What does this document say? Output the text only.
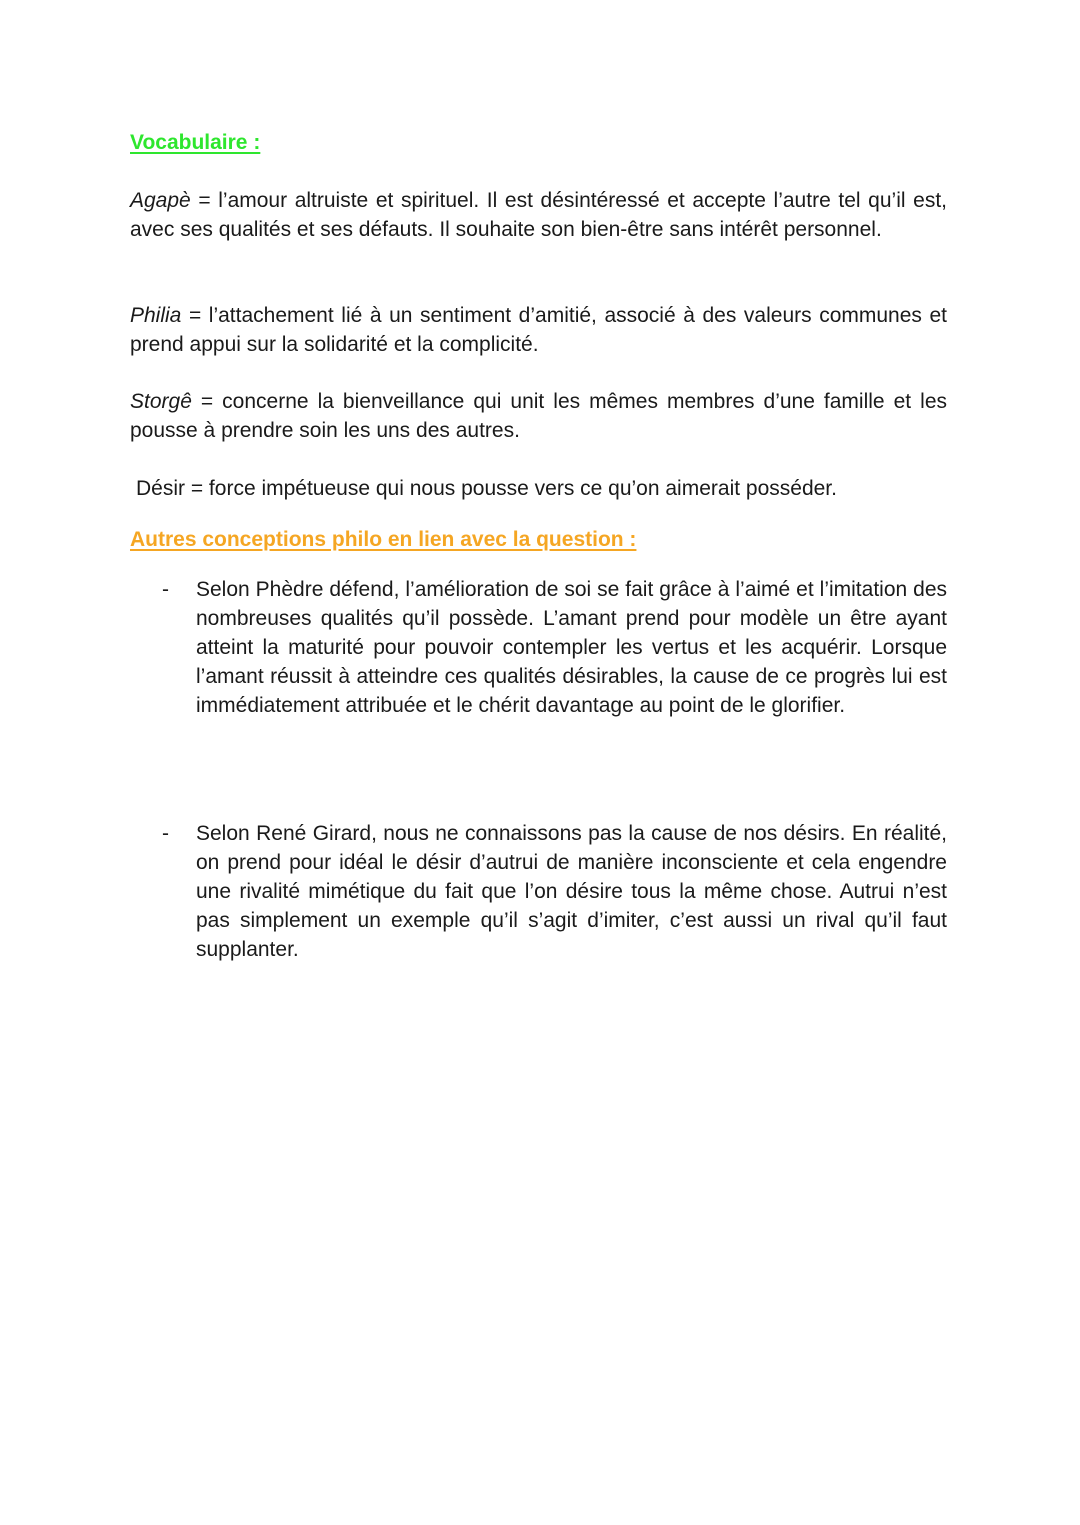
Vocabulaire :

Agapè = l’amour altruiste et spirituel. Il est désintéressé et accepte l’autre tel qu’il est, avec ses qualités et ses défauts. Il souhaite son bien-être sans intérêt personnel.

Philia = l’attachement lié à un sentiment d’amitié, associé à des valeurs communes et prend appui sur la solidarité et la complicité.

Storgê = concerne la bienveillance qui unit les mêmes membres d’une famille et les pousse à prendre soin les uns des autres.

Désir = force impétueuse qui nous pousse vers ce qu’on aimerait posséder.

Autres conceptions philo en lien avec la question :
- Selon Phèdre défend, l’amélioration de soi se fait grâce à l’aimé et l’imitation des nombreuses qualités qu’il possède. L’amant prend pour modèle un être ayant atteint la maturité pour pouvoir contempler les vertus et les acquérir. Lorsque l’amant réussit à atteindre ces qualités désirables, la cause de ce progrès lui est immédiatement attribuée et le chérit davantage au point de le glorifier.

- Selon René Girard, nous ne connaissons pas la cause de nos désirs. En réalité, on prend pour idéal le désir d’autrui de manière inconsciente et cela engendre une rivalité mimétique du fait que l’on désire tous la même chose. Autrui n’est pas simplement un exemple qu’il s’agit d’imiter, c’est aussi un rival qu’il faut supplanter.
